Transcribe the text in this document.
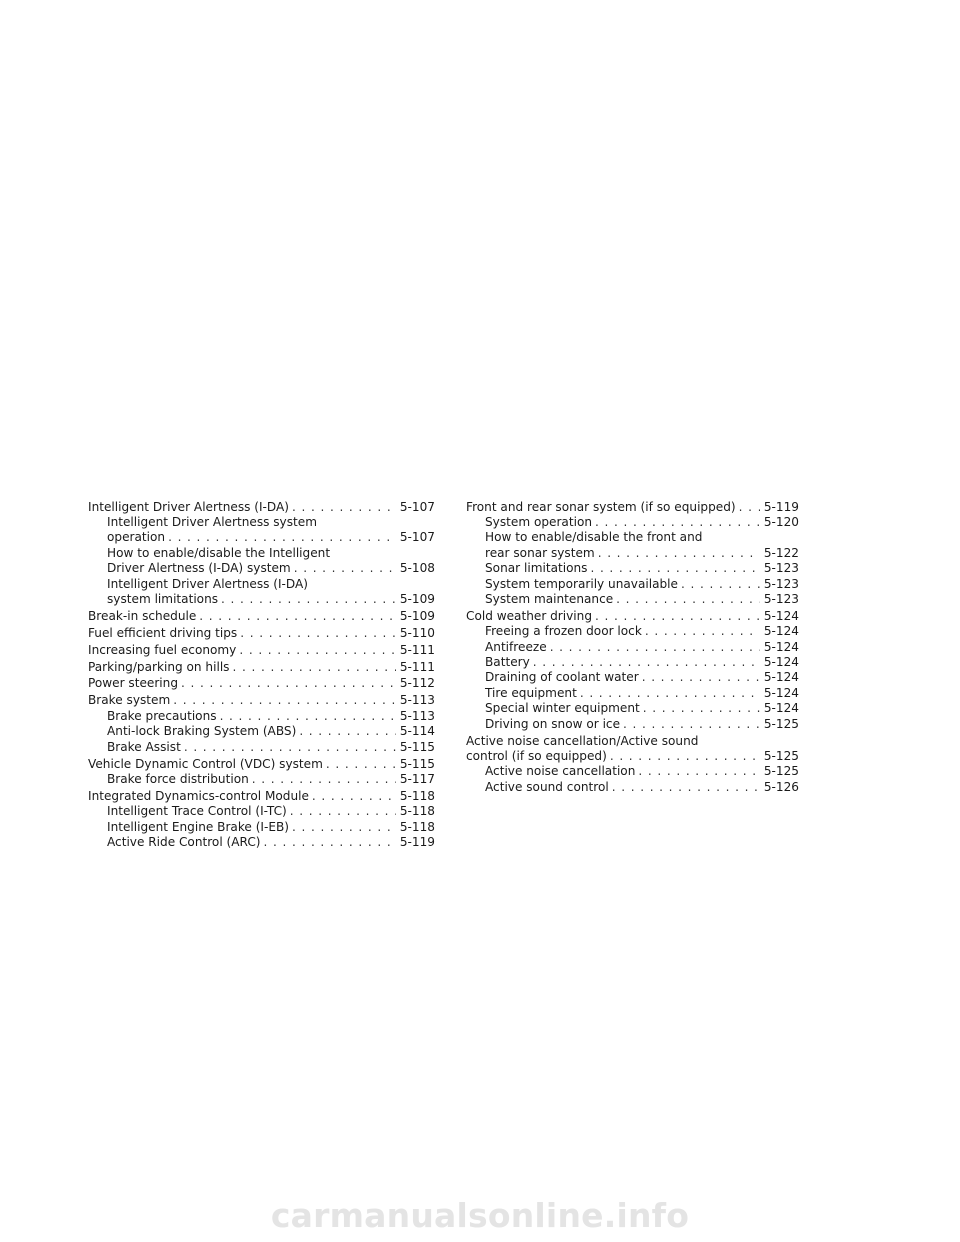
Intelligent Driver Alertness (I-DA) . . .	5-107
Intelligent Driver Alertness system
operation . . .	5-107
How to enable/disable the Intelligent
Driver Alertness (I-DA) system . . .	5-108
Intelligent Driver Alertness (I-DA)
system limitations . . .	5-109
Break-in schedule . . .	5-109
Fuel efficient driving tips . . .	5-110
Increasing fuel economy . . .	5-111
Parking/parking on hills . . .	5-111
Power steering . . .	5-112
Brake system . . .	5-113
Brake precautions . . .	5-113
Anti-lock Braking System (ABS) . . .	5-114
Brake Assist . . .	5-115
Vehicle Dynamic Control (VDC) system . . .	5-115
Brake force distribution . . .	5-117
Integrated Dynamics-control Module . . .	5-118
Intelligent Trace Control (I-TC) . . .	5-118
Intelligent Engine Brake (I-EB) . . .	5-118
Active Ride Control (ARC) . . .	5-119
Front and rear sonar system (if so equipped) . . . 5-119
System operation . . .	5-120
How to enable/disable the front and
rear sonar system . . .	5-122
Sonar limitations . . .	5-123
System temporarily unavailable . . .	5-123
System maintenance . . .	5-123
Cold weather driving . . .	5-124
Freeing a frozen door lock . . .	5-124
Antifreeze . . .	5-124
Battery . . .	5-124
Draining of coolant water . . .	5-124
Tire equipment . . .	5-124
Special winter equipment . . .	5-124
Driving on snow or ice . . .	5-125
Active noise cancellation/Active sound
control (if so equipped) . . .	5-125
Active noise cancellation . . .	5-125
Active sound control . . .	5-126
carmanualsonline.info
